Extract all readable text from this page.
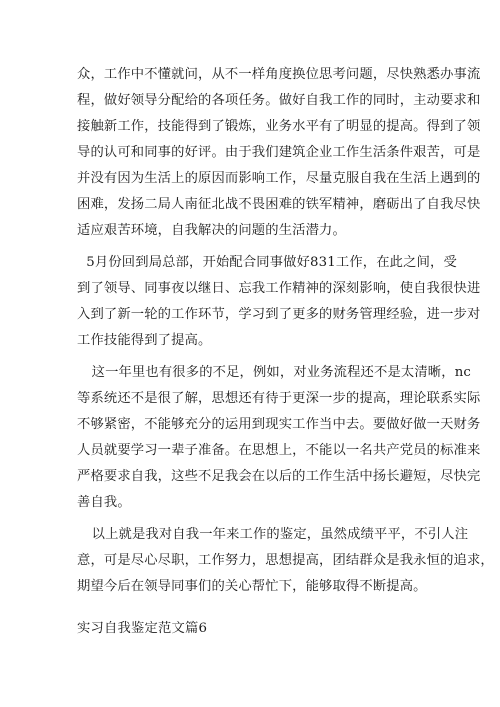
众，工作中不懂就问，从不一样角度换位思考问题，尽快熟悉办事流
程，做好领导分配给的各项任务。做好自我工作的同时，主动要求和
接触新工作，技能得到了锻炼，业务水平有了明显的提高。得到了领
导的认可和同事的好评。由于我们建筑企业工作生活条件艰苦，可是
并没有因为生活上的原因而影响工作，尽量克服自我在生活上遇到的
困难，发扬二局人南征北战不畏困难的铁军精神，磨砺出了自我尽快
适应艰苦环境，自我解决的问题的生活潜力。

5月份回到局总部，开始配合同事做好831工作，在此之间，受
到了领导、同事夜以继日、忘我工作精神的深刻影响，使自我很快进
入到了新一轮的工作环节，学习到了更多的财务管理经验，进一步对
工作技能得到了提高。

这一年里也有很多的不足，例如，对业务流程还不是太清晰，nc
等系统还不是很了解，思想还有待于更深一步的提高，理论联系实际
不够紧密，不能够充分的运用到现实工作当中去。要做好做一天财务
人员就要学习一辈子准备。在思想上，不能以一名共产党员的标准来
严格要求自我，这些不足我会在以后的工作生活中扬长避短，尽快完
善自我。

以上就是我对自我一年来工作的鉴定，虽然成绩平平，不引人注
意，可是尽心尽职，工作努力，思想提高，团结群众是我永恒的追求，
期望今后在领导同事们的关心帮忙下，能够取得不断提高。

实习自我鉴定范文篇6
